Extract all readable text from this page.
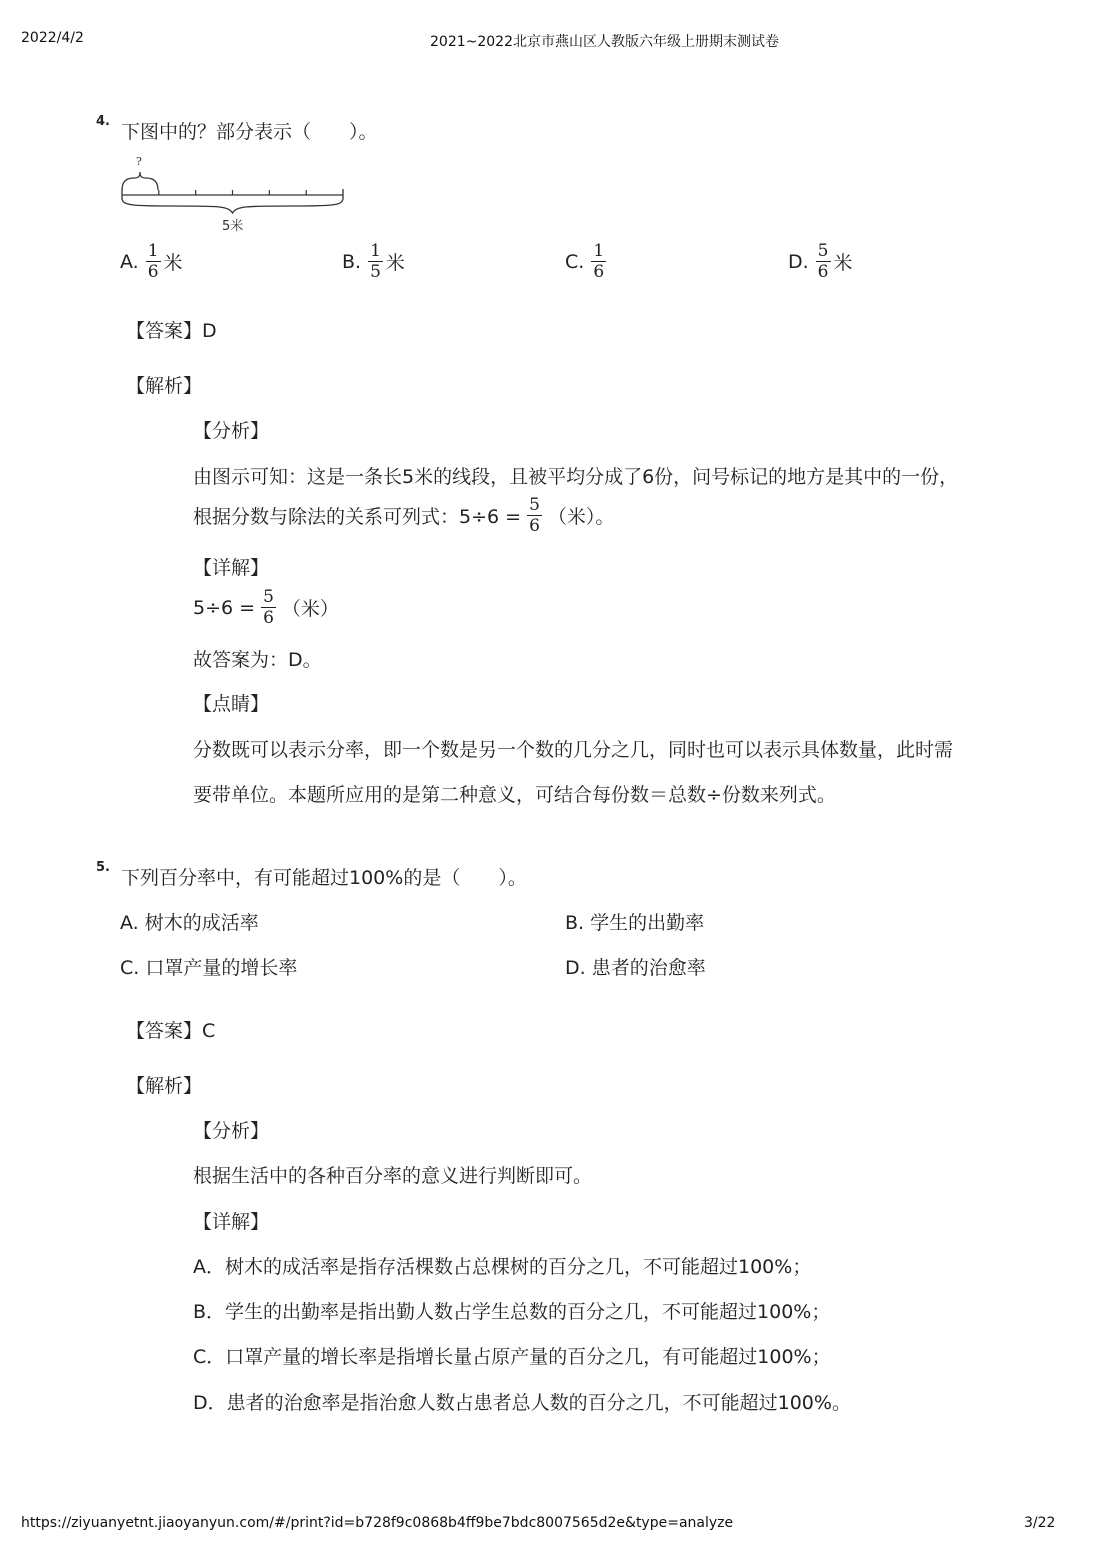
2022/4/2	2021~2022北京市燕山区人教版六年级上册期末测试卷
4. 下图中的？部分表示（　　）。
?
5米
A. $\frac{1}{6}$ 米	B. $\frac{1}{5}$ 米	C. $\frac{1}{6}$	D. $\frac{5}{6}$ 米
【答案】D
【解析】
【分析】
由图示可知：这是一条长5米的线段，且被平均分成了6份，问号标记的地方是其中的一份，
根据分数与除法的关系可列式：$5\div 6 = \frac{5}{6}$ （米）。
【详解】
$5\div 6 = \frac{5}{6}$ （米）
故答案为：D。
【点睛】
分数既可以表示分率，即一个数是另一个数的几分之几，同时也可以表示具体数量，此时需
要带单位。本题所应用的是第二种意义，可结合每份数＝总数÷份数来列式。
5. 下列百分率中，有可能超过100%的是（　　）。
A. 树木的成活率	B. 学生的出勤率
C. 口罩产量的增长率	D. 患者的治愈率
【答案】C
【解析】
【分析】
根据生活中的各种百分率的意义进行判断即可。
【详解】
A．树木的成活率是指存活棵数占总棵树的百分之几，不可能超过100%；
B．学生的出勤率是指出勤人数占学生总数的百分之几，不可能超过100%；
C．口罩产量的增长率是指增长量占原产量的百分之几，有可能超过100%；
D．患者的治愈率是指治愈人数占患者总人数的百分之几，不可能超过100%。
https://ziyuanyetnt.jiaoyanyun.com/#/print?id=b728f9c0868b4ff9be7bdc8007565d2e&type=analyze	3/22
